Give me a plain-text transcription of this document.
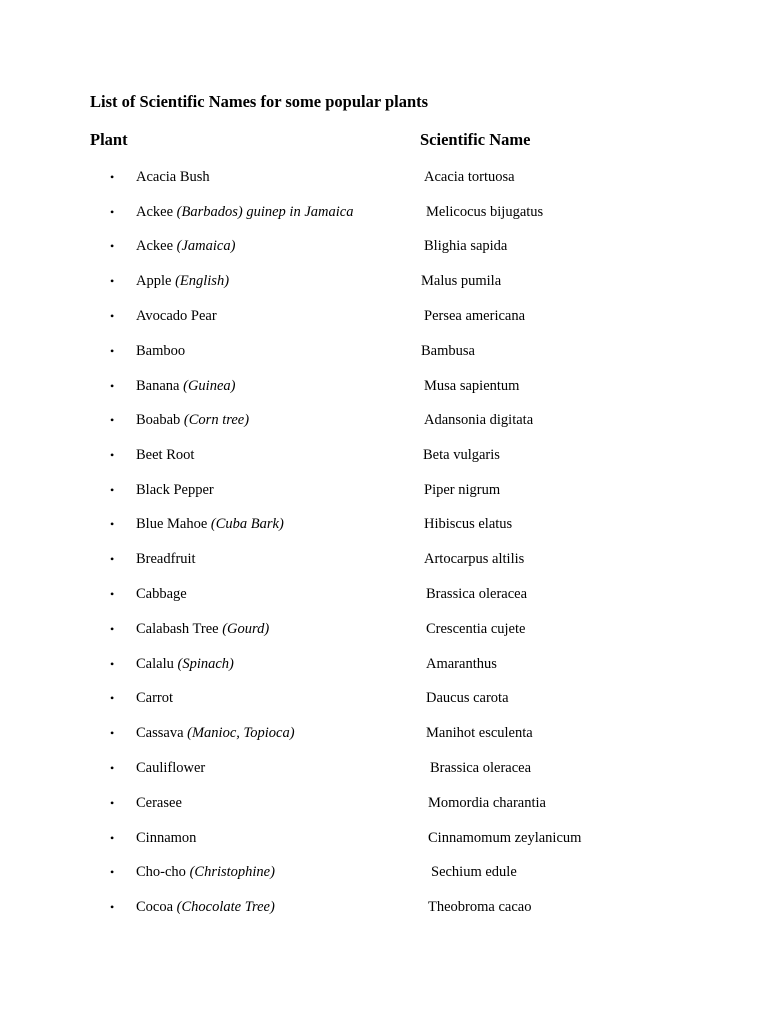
List of Scientific Names for some popular plants
Plant	Scientific Name
• Acacia Bush	Acacia tortuosa
• Ackee (Barbados) guinep in Jamaica	Melicocus bijugatus
• Ackee (Jamaica)	Blighia sapida
• Apple (English)	Malus pumila
• Avocado Pear	Persea americana
• Bamboo	Bambusa
• Banana (Guinea)	Musa sapientum
• Boabab (Corn tree)	Adansonia digitata
• Beet Root	Beta vulgaris
• Black Pepper	Piper nigrum
• Blue Mahoe (Cuba Bark)	Hibiscus elatus
• Breadfruit	Artocarpus altilis
• Cabbage	Brassica oleracea
• Calabash Tree (Gourd)	Crescentia cujete
• Calalu (Spinach)	Amaranthus
• Carrot	Daucus carota
• Cassava (Manioc, Topioca)	Manihot esculenta
• Cauliflower	Brassica oleracea
• Cerasee	Momordia charantia
• Cinnamon	Cinnamomum zeylanicum
• Cho-cho (Christophine)	Sechium edule
• Cocoa (Chocolate Tree)	Theobroma cacao
